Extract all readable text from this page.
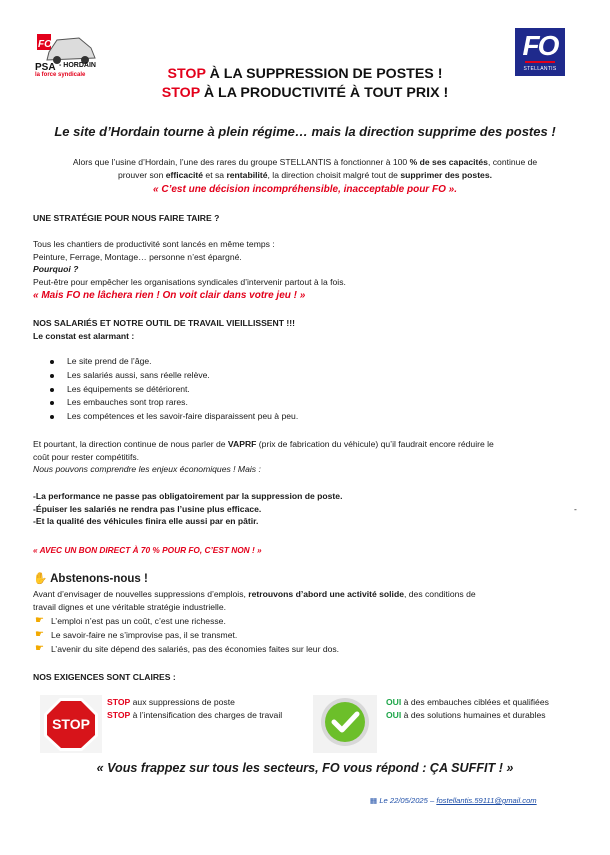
FO
PSA - HORDAIN
la force syndicale
FO
STELLANTIS
STOP À LA SUPPRESSION DE POSTES !
STOP À LA PRODUCTIVITÉ À TOUT PRIX !
Le site d’Hordain tourne à plein régime… mais la direction supprime des postes !
Alors que l’usine d’Hordain, l’une des rares du groupe STELLANTIS à fonctionner à 100 % de ses capacités, continue de
prouver son efficacité et sa rentabilité, la direction choisit malgré tout de supprimer des postes.
« C’est une décision incompréhensible, inacceptable pour FO ».
UNE STRATÉGIE POUR NOUS FAIRE TAIRE ?
Tous les chantiers de productivité sont lancés en même temps :
Peinture, Ferrage, Montage… personne n’est épargné.
Pourquoi ?
Peut-être pour empêcher les organisations syndicales d’intervenir partout à la fois.
« Mais FO ne lâchera rien ! On voit clair dans votre jeu ! »
NOS SALARIÉS ET NOTRE OUTIL DE TRAVAIL VIEILLISSENT !!!
Le constat est alarmant :
Le site prend de l’âge.
Les salariés aussi, sans réelle relève.
Les équipements se détériorent.
Les embauches sont trop rares.
Les compétences et les savoir-faire disparaissent peu à peu.
Et pourtant, la direction continue de nous parler de VAPRF (prix de fabrication du véhicule) qu’il faudrait encore réduire le
coût pour rester compétitifs.
Nous pouvons comprendre les enjeux économiques ! Mais :
-La performance ne passe pas obligatoirement par la suppression de poste.
-Épuiser les salariés ne rendra pas l’usine plus efficace.
-Et la qualité des véhicules finira elle aussi par en pâtir.
-
« AVEC UN BON DIRECT À 70 % POUR FO, C’EST NON ! »
✋ Abstenons-nous !
Avant d’envisager de nouvelles suppressions d’emplois, retrouvons d’abord une activité solide, des conditions de
travail dignes et une véritable stratégie industrielle.
☛ L’emploi n’est pas un coût, c’est une richesse.
☛ Le savoir-faire ne s’improvise pas, il se transmet.
☛ L’avenir du site dépend des salariés, pas des économies faites sur leur dos.
NOS EXIGENCES SONT CLAIRES :
STOP
STOP aux suppressions de poste
STOP à l’intensification des charges de travail
OUI à des embauches ciblées et qualifiées
OUI à des solutions humaines et durables
« Vous frappez sur tous les secteurs, FO vous répond : ÇA SUFFIT ! »
▦ Le 22/05/2025 – fostellantis.59111@gmail.com
